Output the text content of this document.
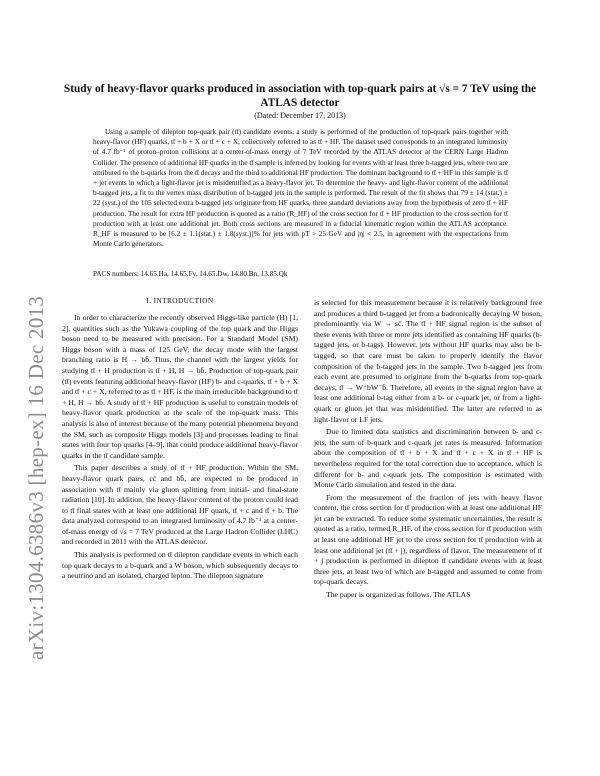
arXiv:1304.6386v3 [hep-ex] 16 Dec 2013
Study of heavy-flavor quarks produced in association with top-quark pairs at √s = 7 TeV using the ATLAS detector
(Dated: December 17, 2013)

Using a sample of dilepton top-quark pair (tt̄) candidate events, a study is performed of the production of top-quark pairs together with heavy-flavor (HF) quarks, tt̄ + b + X or tt̄ + c + X, collectively referred to as tt̄ + HF. The dataset used corresponds to an integrated luminosity of 4.7 fb⁻¹ of proton–proton collisions at a center-of-mass energy of 7 TeV recorded by the ATLAS detector at the CERN Large Hadron Collider. The presence of additional HF quarks in the tt̄ sample is inferred by looking for events with at least three b-tagged jets, where two are attributed to the b-quarks from the tt̄ decays and the third to additional HF production. The dominant background to tt̄ + HF in this sample is tt̄ + jet events in which a light-flavor jet is misidentified as a heavy-flavor jet. To determine the heavy- and light-flavor content of the additional b-tagged jets, a fit to the vertex mass distribution of b-tagged jets in the sample is performed. The result of the fit shows that 79 ± 14 (stat.) ± 22 (syst.) of the 105 selected extra b-tagged jets originate from HF quarks, three standard deviations away from the hypothesis of zero tt̄ + HF production. The result for extra HF production is quoted as a ratio (R_HF) of the cross section for tt̄ + HF production to the cross section for tt̄ production with at least one additional jet. Both cross sections are measured in a fiducial kinematic region within the ATLAS acceptance. R_HF is measured to be [6.2 ± 1.1(stat.) ± 1.8(syst.)]% for jets with pT > 25 GeV and |η| < 2.5, in agreement with the expectations from Monte Carlo generators.

PACS numbers: 14.65.Ha, 14.65.Fy, 14.65.Dw, 14.80.Bn, 13.85.Qk
I. INTRODUCTION

In order to characterize the recently observed Higgs-like particle (H) [1, 2], quantities such as the Yukawa coupling of the top quark and the Higgs boson need to be measured with precision. For a Standard Model (SM) Higgs boson with a mass of 125 GeV, the decay mode with the largest branching ratio is H → bb̄. Thus, the channel with the largest yields for studying tt̄ + H production is tt̄ + H, H → bb̄. Production of top-quark pair (tt̄) events featuring additional heavy-flavor (HF) b- and c-quarks, tt̄ + b + X and tt̄ + c + X, referred to as tt̄ + HF, is the main irreducible background to tt̄ + H, H → bb̄. A study of tt̄ + HF production is useful to constrain models of heavy-flavor quark production at the scale of the top-quark mass. This analysis is also of interest because of the many potential phenomena beyond the SM, such as composite Higgs models [3] and processes leading to final states with four top quarks [4–9], that could produce additional heavy-flavor quarks in the tt̄ candidate sample.

This paper describes a study of tt̄ + HF production. Within the SM, heavy-flavor quark pairs, cc̄ and bb̄, are expected to be produced in association with tt̄ mainly via gluon splitting from initial- and final-state radiation [10]. In addition, the heavy-flavor content of the proton could lead to tt̄ final states with at least one additional HF quark, tt̄ + c and tt̄ + b. The data analyzed correspond to an integrated luminosity of 4.7 fb⁻¹ at a center-of-mass energy of √s = 7 TeV produced at the Large Hadron Collider (LHC) and recorded in 2011 with the ATLAS detector.

This analysis is performed on tt̄ dilepton candidate events in which each top quark decays to a b-quark and a W boson, which subsequently decays to a neutrino and an isolated, charged lepton. The dilepton signature

is selected for this measurement because it is relatively background free and produces a third b-tagged jet from a hadronically decaying W boson, predominantly via W → sc̄. The tt̄ + HF signal region is the subset of these events with three or more jets identified as containing HF quarks (b-tagged jets, or b-tags). However, jets without HF quarks may also be b-tagged, so that care must be taken to properly identify the flavor composition of the b-tagged jets in the sample. Two b-tagged jets from each event are presumed to originate from the b-quarks from top-quark decays, tt̄ → W⁺bW⁻b̄. Therefore, all events in the signal region have at least one additional b-tag either from a b- or c-quark jet, or from a light-quark or gluon jet that was misidentified. The latter are referred to as light-flavor or LF jets.

Due to limited data statistics and discrimination between b- and c-jets, the sum of b-quark and c-quark jet rates is measured. Information about the composition of tt̄ + b + X and tt̄ + c + X in tt̄ + HF is nevertheless required for the total correction due to acceptance, which is different for b- and c-quark jets. The composition is estimated with Monte Carlo simulation and tested in the data.

From the measurement of the fraction of jets with heavy flavor content, the cross section for tt̄ production with at least one additional HF jet can be extracted. To reduce some systematic uncertainties, the result is quoted as a ratio, termed R_HF, of the cross section for tt̄ production with at least one additional HF jet to the cross section for tt̄ production with at least one additional jet (tt̄ + j), regardless of flavor. The measurement of tt̄ + j production is performed in dilepton tt̄ candidate events with at least three jets, at least two of which are b-tagged and assumed to come from top-quark decays.

The paper is organized as follows. The ATLAS
